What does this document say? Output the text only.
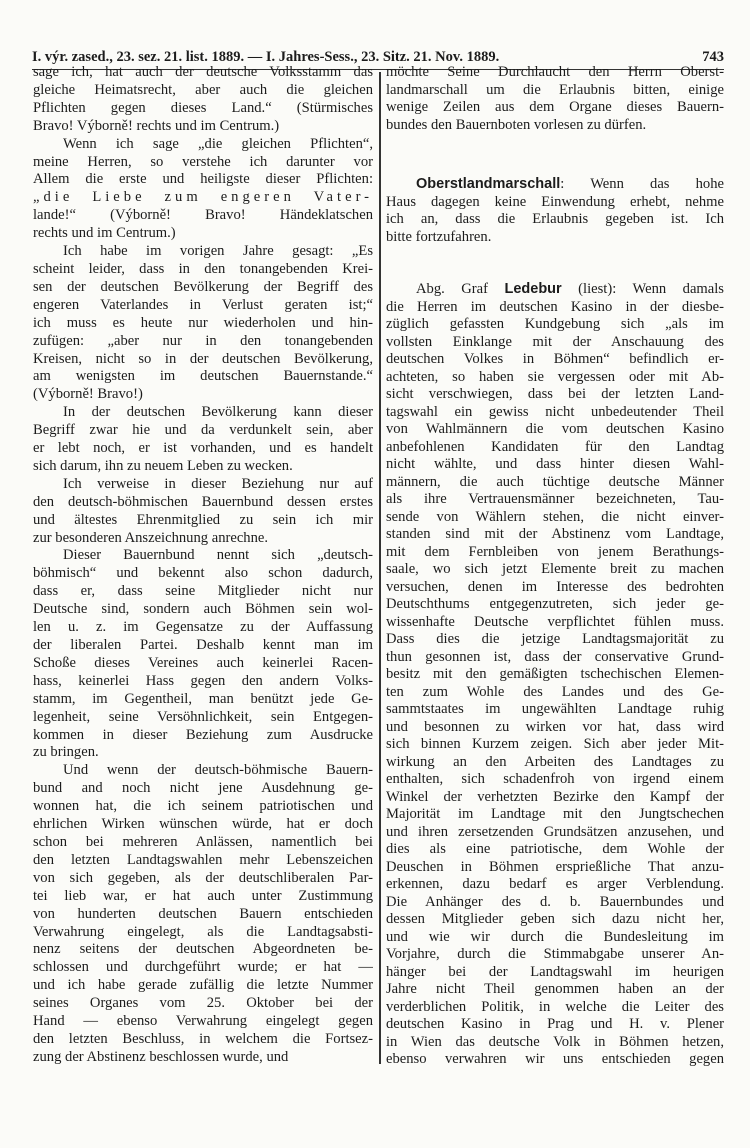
I. výr. zased., 23. sez. 21. list. 1889. — I. Jahres-Sess., 23. Sitz. 21. Nov. 1889.	743
sage ich, hat auch der deutsche Volksstamm das
gleiche Heimatsrecht, aber auch die gleichen
Pflichten gegen dieses Land.“ (Stürmisches
Bravo! Výborně! rechts und im Centrum.)
Wenn ich sage „die gleichen Pflichten“,
meine Herren, so verstehe ich darunter vor
Allem die erste und heiligste dieser Pflichten:
„die Liebe zum engeren Vater-
lande!“ (Výborně! Bravo! Händeklatschen
rechts und im Centrum.)
Ich habe im vorigen Jahre gesagt: „Es
scheint leider, dass in den tonangebenden Krei-
sen der deutschen Bevölkerung der Begriff des
engeren Vaterlandes in Verlust geraten ist;“
ich muss es heute nur wiederholen und hin-
zufügen: „aber nur in den tonangebenden
Kreisen, nicht so in der deutschen Bevölkerung,
am wenigsten im deutschen Bauernstande.“
(Výborně! Bravo!)
In der deutschen Bevölkerung kann dieser
Begriff zwar hie und da verdunkelt sein, aber
er lebt noch, er ist vorhanden, und es handelt
sich darum, ihn zu neuem Leben zu wecken.
Ich verweise in dieser Beziehung nur auf
den deutsch-böhmischen Bauernbund dessen erstes
und ältestes Ehrenmitglied zu sein ich mir
zur besonderen Anszeichnung anrechne.
Dieser Bauernbund nennt sich „deutsch-
böhmisch“ und bekennt also schon dadurch,
dass er, dass seine Mitglieder nicht nur
Deutsche sind, sondern auch Böhmen sein wol-
len u. z. im Gegensatze zu der Auffassung
der liberalen Partei. Deshalb kennt man im
Schoße dieses Vereines auch keinerlei Racen-
hass, keinerlei Hass gegen den andern Volks-
stamm, im Gegentheil, man benützt jede Ge-
legenheit, seine Versöhnlichkeit, sein Entgegen-
kommen in dieser Beziehung zum Ausdrucke
zu bringen.
Und wenn der deutsch-böhmische Bauern-
bund and noch nicht jene Ausdehnung ge-
wonnen hat, die ich seinem patriotischen und
ehrlichen Wirken wünschen würde, hat er doch
schon bei mehreren Anlässen, namentlich bei
den letzten Landtagswahlen mehr Lebenszeichen
von sich gegeben, als der deutschliberalen Par-
tei lieb war, er hat auch unter Zustimmung
von hunderten deutschen Bauern entschieden
Verwahrung eingelegt, als die Landtagsabsti-
nenz seitens der deutschen Abgeordneten be-
schlossen und durchgeführt wurde; er hat —
und ich habe gerade zufällig die letzte Nummer
seines Organes vom 25. Oktober bei der
Hand — ebenso Verwahrung eingelegt gegen
den letzten Beschluss, in welchem die Fortsez-
zung der Abstinenz beschlossen wurde, und
möchte Seine Durchlaucht den Herrn Oberst-
landmarschall um die Erlaubnis bitten, einige
wenige Zeilen aus dem Organe dieses Bauern-
bundes den Bauernboten vorlesen zu dürfen.
Oberstlandmarschall: Wenn das hohe
Haus dagegen keine Einwendung erhebt, nehme
ich an, dass die Erlaubnis gegeben ist. Ich
bitte fortzufahren.
Abg. Graf Ledebur (liest): Wenn damals
die Herren im deutschen Kasino in der diesbe-
züglich gefassten Kundgebung sich „als im
vollsten Einklange mit der Anschauung des
deutschen Volkes in Böhmen“ befindlich er-
achteten, so haben sie vergessen oder mit Ab-
sicht verschwiegen, dass bei der letzten Land-
tagswahl ein gewiss nicht unbedeutender Theil
von Wahlmännern die vom deutschen Kasino
anbefohlenen Kandidaten für den Landtag
nicht wählte, und dass hinter diesen Wahl-
männern, die auch tüchtige deutsche Männer
als ihre Vertrauensmänner bezeichneten, Tau-
sende von Wählern stehen, die nicht einver-
standen sind mit der Abstinenz vom Landtage,
mit dem Fernbleiben von jenem Berathungs-
saale, wo sich jetzt Elemente breit zu machen
versuchen, denen im Interesse des bedrohten
Deutschthums entgegenzutreten, sich jeder ge-
wissenhafte Deutsche verpflichtet fühlen muss.
Dass dies die jetzige Landtagsmajorität zu
thun gesonnen ist, dass der conservative Grund-
besitz mit den gemäßigten tschechischen Elemen-
ten zum Wohle des Landes und des Ge-
sammtstaates im ungewählten Landtage ruhig
und besonnen zu wirken vor hat, dass wird
sich binnen Kurzem zeigen. Sich aber jeder Mit-
wirkung an den Arbeiten des Landtages zu
enthalten, sich schadenfroh von irgend einem
Winkel der verhetzten Bezirke den Kampf der
Majorität im Landtage mit den Jungtschechen
und ihren zersetzenden Grundsätzen anzusehen, und
dies als eine patriotische, dem Wohle der
Deuschen in Böhmen ersprießliche That anzu-
erkennen, dazu bedarf es arger Verblendung.
Die Anhänger des d. b. Bauernbundes und
dessen Mitglieder geben sich dazu nicht her,
und wie wir durch die Bundesleitung im
Vorjahre, durch die Stimmabgabe unserer An-
hänger bei der Landtagswahl im heurigen
Jahre nicht Theil genommen haben an der
verderblichen Politik, in welche die Leiter des
deutschen Kasino in Prag und H. v. Plener
in Wien das deutsche Volk in Böhmen hetzen,
ebenso verwahren wir uns entschieden gegen
